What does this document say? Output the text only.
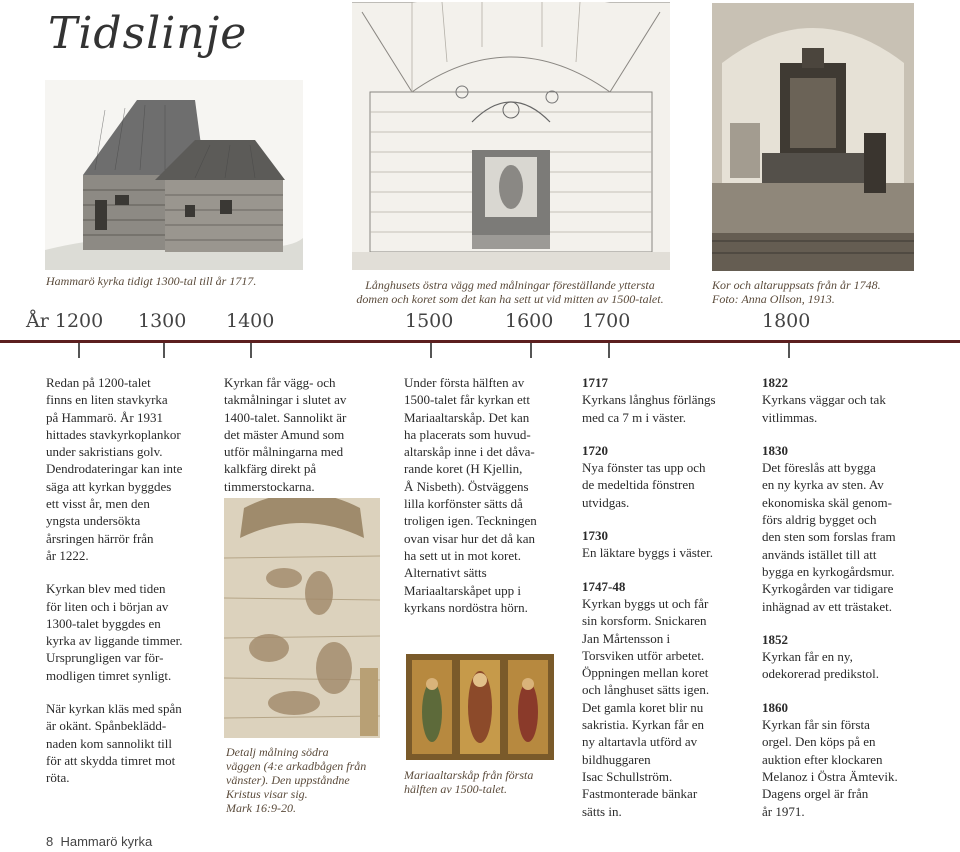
Tidslinje
Hammarö kyrka tidigt 1300-tal till år 1717.	Långhusets östra vägg med målningar föreställande yttersta
domen och koret som det kan ha sett ut vid mitten av 1500-talet.
Kor och altaruppsats från år 1748.
Foto: Anna Ollson, 1913.
År 1200 1300 1400	1500	1600 1700	1800

Redan på 1200-talet
finns en liten stavkyrka
på Hammarö. År 1931
hittades stavkyrkoplankor
under sakristians golv.
Dendrodateringar kan inte
säga att kyrkan byggdes
ett visst år, men den
yngsta undersökta
årsringen härrör från
år 1222.

Kyrkan blev med tiden
för liten och i början av
1300-talet byggdes en
kyrka av liggande timmer.
Ursprungligen var för-
modligen timret synligt.

När kyrkan kläs med spån
är okänt. Spånbeklädd-
naden kom sannolikt till
för att skydda timret mot
röta.

Kyrkan får vägg- och
takmålningar i slutet av
1400-talet. Sannolikt är
det mäster Amund som
utför målningarna med
kalkfärg direkt på
timmerstockarna.

Detalj målning södra
väggen (4:e arkadbågen från
vänster). Den uppståndne
Kristus visar sig.
Mark 16:9-20.

Under första hälften av
1500-talet får kyrkan ett
Mariaaltarskåp. Det kan
ha placerats som huvud-
altarskåp inne i det dåva-
rande koret (H Kjellin,
Å Nisbeth). Östväggens
lilla korfönster sätts då
troligen igen. Teckningen
ovan visar hur det då kan
ha sett ut in mot koret.
Alternativt sätts
Mariaaltarskåpet upp i
kyrkans nordöstra hörn.

Mariaaltarskåp från första
hälften av 1500-talet.

1717
Kyrkans långhus förlängs
med ca 7 m i väster.

1720
Nya fönster tas upp och
de medeltida fönstren
utvidgas.

1730
En läktare byggs i väster.

1747-48
Kyrkan byggs ut och får
sin korsform. Snickaren
Jan Mårtensson i
Torsviken utför arbetet.
Öppningen mellan koret
och långhuset sätts igen.
Det gamla koret blir nu
sakristia. Kyrkan får en
ny altartavla utförd av
bildhuggaren
Isac Schullström.
Fastmonterade bänkar
sätts in.

1822
Kyrkans väggar och tak
vitlimmas.

1830
Det föreslås att bygga
en ny kyrka av sten. Av
ekonomiska skäl genom-
förs aldrig bygget och
den sten som forslas fram
används istället till att
bygga en kyrkogårdsmur.
Kyrkogården var tidigare
inhägnad av ett trästaket.

1852
Kyrkan får en ny,
odekorerad predikstol.

1860
Kyrkan får sin första
orgel. Den köps på en
auktion efter klockaren
Melanoz i Östra Ämtevik.
Dagens orgel är från
år 1971.

8 Hammarö kyrka
